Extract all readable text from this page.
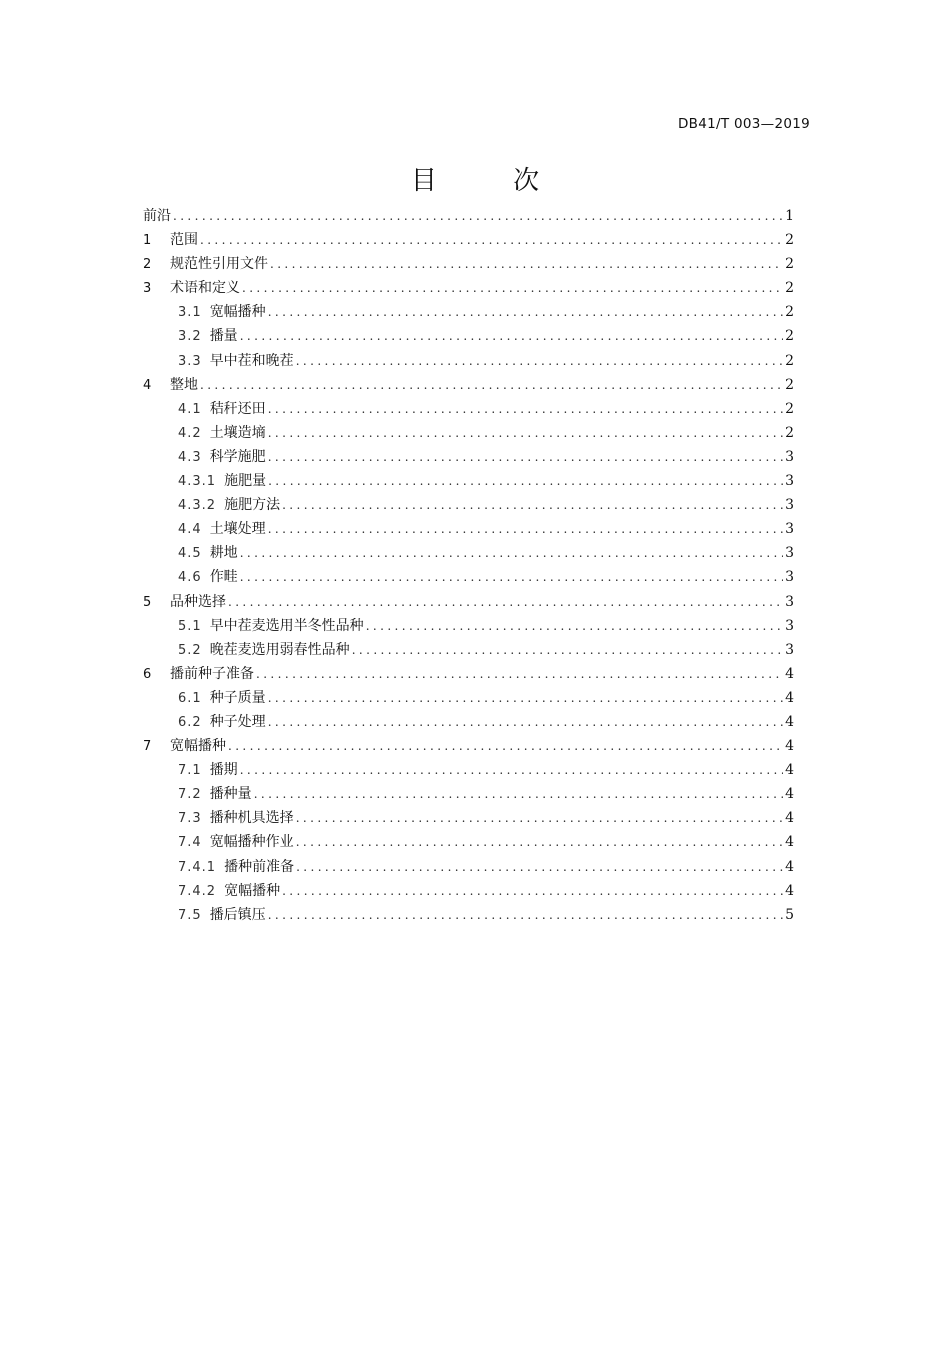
DB41/T 003—2019
目 次
前沿 .....	1
1	范围 .....	2
2	规范性引用文件 .....	2
3	术语和定义 .....	2
3.1 宽幅播种 .....	2
3.2 播量 .....	2
3.3 早中茬和晚茬 .....	2
4	整地 .....	2
4.1 秸秆还田 .....	2
4.2 土壤造墒 .....	2
4.3 科学施肥 .....	3
4.3.1 施肥量 .....	3
4.3.2 施肥方法 .....	3
4.4 土壤处理 .....	3
4.5 耕地 .....	3
4.6 作畦 .....	3
5	品种选择 .....	3
5.1 早中茬麦选用半冬性品种 .....	3
5.2 晚茬麦选用弱春性品种 .....	3
6	播前种子准备 .....	4
6.1 种子质量 .....	4
6.2 种子处理 .....	4
7	宽幅播种 .....	4
7.1 播期 .....	4
7.2 播种量 .....	4
7.3 播种机具选择 .....	4
7.4 宽幅播种作业 .....	4
7.4.1 播种前准备 .....	4
7.4.2 宽幅播种 .....	4
7.5 播后镇压 .....	5
